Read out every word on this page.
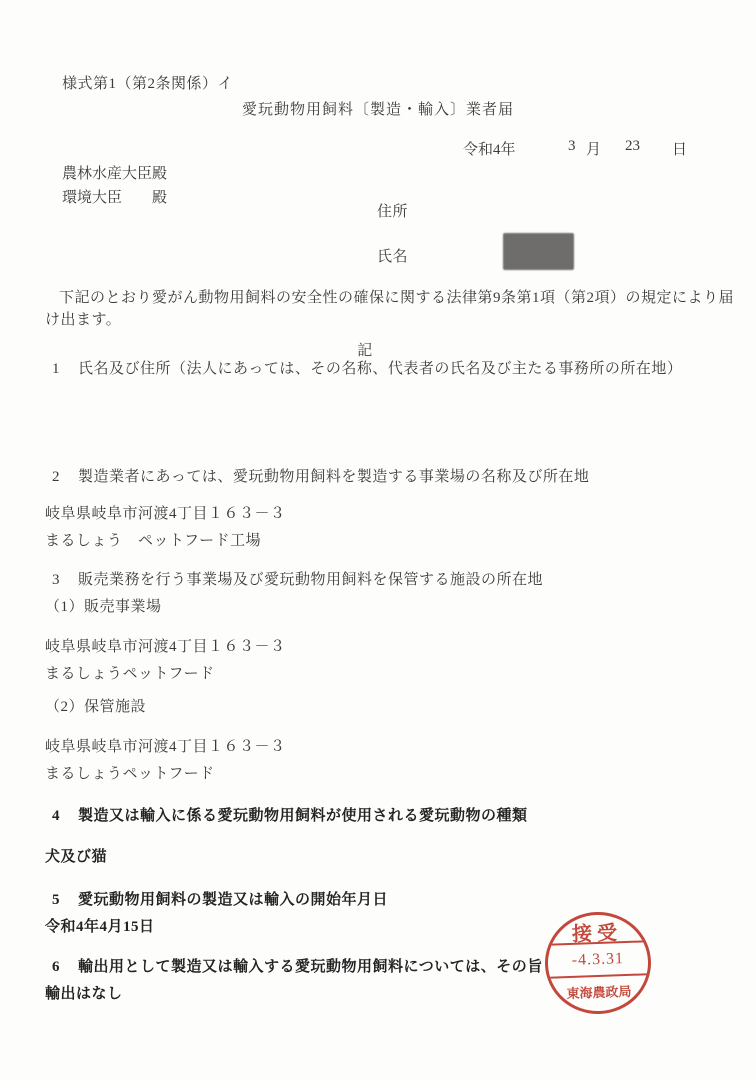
様式第1（第2条関係）イ
愛玩動物用飼料〔製造・輸入〕業者届
令和4年	3 月 23 日
農林水産大臣殿
環境大臣 殿
住所
氏名
下記のとおり愛がん動物用飼料の安全性の確保に関する法律第9条第1項（第2項）の規定により届
け出ます。
記
1 氏名及び住所（法人にあっては、その名称、代表者の氏名及び主たる事務所の所在地）
2 製造業者にあっては、愛玩動物用飼料を製造する事業場の名称及び所在地
岐阜県岐阜市河渡4丁目１６３－３
まるしょう　ペットフード工場
3 販売業務を行う事業場及び愛玩動物用飼料を保管する施設の所在地
（1）販売事業場
岐阜県岐阜市河渡4丁目１６３－３
まるしょうペットフード
（2）保管施設
岐阜県岐阜市河渡4丁目１６３－３
まるしょうペットフード
4 製造又は輸入に係る愛玩動物用飼料が使用される愛玩動物の種類
犬及び猫
5 愛玩動物用飼料の製造又は輸入の開始年月日
令和4年4月15日
6 輸出用として製造又は輸入する愛玩動物用飼料については、その旨
輸出はなし
接受
-4.3.31
東海農政局
